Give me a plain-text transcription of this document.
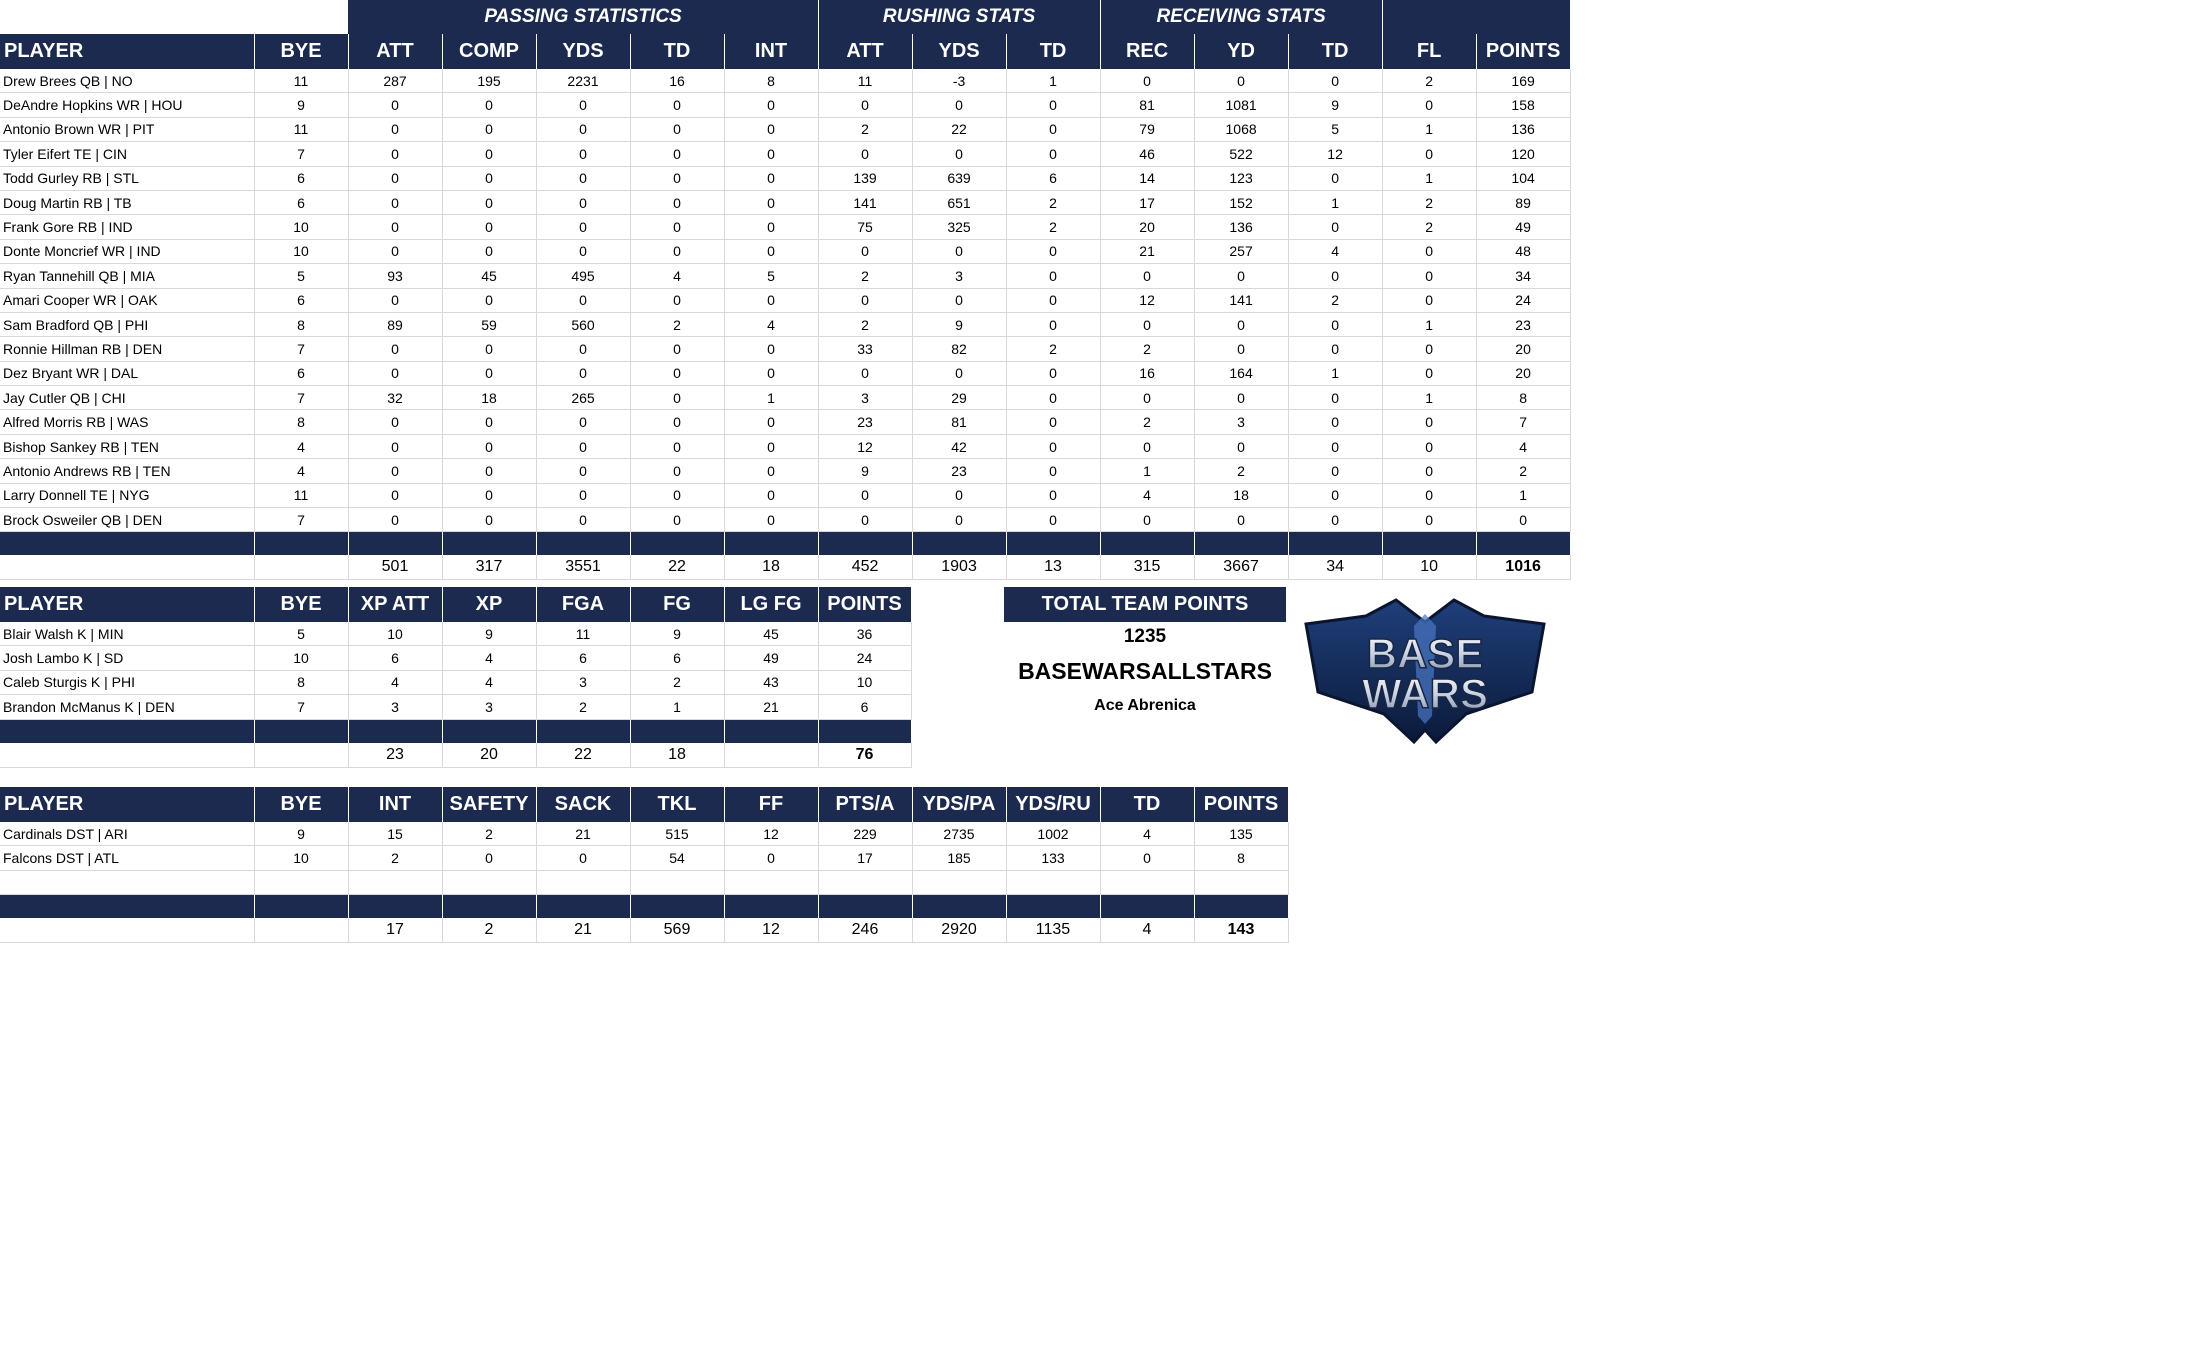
		PASSING STATISTICS					RUSHING STATS			RECEIVING STATS				
PLAYER	BYE	ATT	COMP	YDS	TD	INT	ATT	YDS	TD	REC	YD	TD	FL	POINTS
Drew Brees QB | NO	11	287	195	2231	16	8	11	-3	1	0	0	0	2	169
DeAndre Hopkins WR | HOU	9	0	0	0	0	0	0	0	0	81	1081	9	0	158
Antonio Brown WR | PIT	11	0	0	0	0	0	2	22	0	79	1068	5	1	136
Tyler Eifert TE | CIN	7	0	0	0	0	0	0	0	0	46	522	12	0	120
Todd Gurley RB | STL	6	0	0	0	0	0	139	639	6	14	123	0	1	104
Doug Martin RB | TB	6	0	0	0	0	0	141	651	2	17	152	1	2	89
Frank Gore RB | IND	10	0	0	0	0	0	75	325	2	20	136	0	2	49
Donte Moncrief WR | IND	10	0	0	0	0	0	0	0	0	21	257	4	0	48
Ryan Tannehill QB | MIA	5	93	45	495	4	5	2	3	0	0	0	0	0	34
Amari Cooper WR | OAK	6	0	0	0	0	0	0	0	0	12	141	2	0	24
Sam Bradford QB | PHI	8	89	59	560	2	4	2	9	0	0	0	0	1	23
Ronnie Hillman RB | DEN	7	0	0	0	0	0	33	82	2	2	0	0	0	20
Dez Bryant WR | DAL	6	0	0	0	0	0	0	0	0	16	164	1	0	20
Jay Cutler QB | CHI	7	32	18	265	0	1	3	29	0	0	0	0	1	8
Alfred Morris RB | WAS	8	0	0	0	0	0	23	81	0	2	3	0	0	7
Bishop Sankey RB | TEN	4	0	0	0	0	0	12	42	0	0	0	0	0	4
Antonio Andrews RB | TEN	4	0	0	0	0	0	9	23	0	1	2	0	0	2
Larry Donnell TE | NYG	11	0	0	0	0	0	0	0	0	4	18	0	0	1
Brock Osweiler QB | DEN	7	0	0	0	0	0	0	0	0	0	0	0	0	0

		501	317	3551	22	18	452	1903	13	315	3667	34	10	1016
PLAYER	BYE	XP ATT	XP	FGA	FG	LG FG	POINTS
Blair Walsh K | MIN	5	10	9	11	9	45	36
Josh Lambo K | SD	10	6	4	6	6	49	24
Caleb Sturgis K | PHI	8	4	4	3	2	43	10
Brandon McManus K | DEN	7	3	3	2	1	21	6

		23	20	22	18		76
PLAYER	BYE	INT	SAFETY	SACK	TKL	FF	PTS/A	YDS/PA	YDS/RU	TD	POINTS
Cardinals DST | ARI	9	15	2	21	515	12	229	2735	1002	4	135
Falcons DST | ATL	10	2	0	0	54	0	17	185	133	0	8

		17	2	21	569	12	246	2920	1135	4	143
TOTAL TEAM POINTS
1235
BASEWARSALLSTARS
Ace Abrenica
BASE
WARS
